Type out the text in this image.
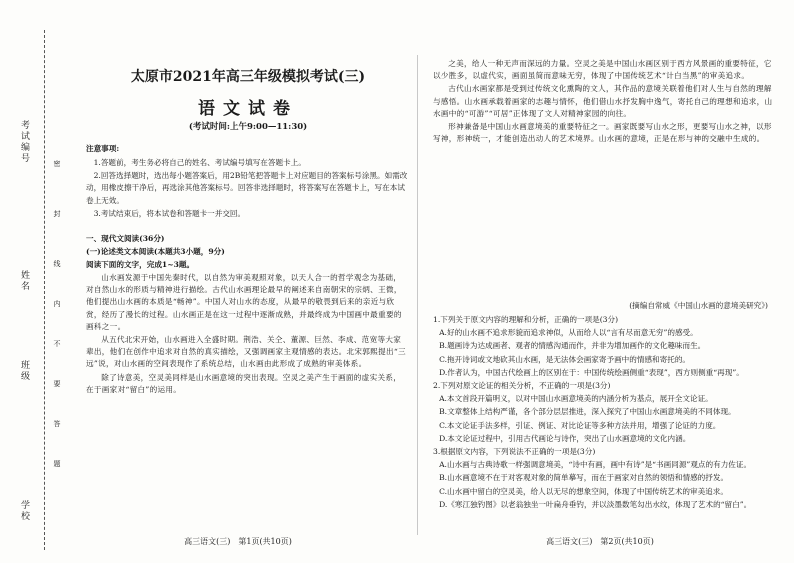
考试编号
姓名
班级
学校
密
封
线
内
不
要
答
题
太原市2021年高三年级模拟考试(三)
语文试卷
(考试时间:上午9:00—11:30)
注意事项:

1.答题前，考生务必将自己的姓名、考试编号填写在答题卡上。

2.回答选择题时，选出每小题答案后，用2B铅笔把答题卡上对应题目的答案标号涂黑。如需改动，用橡皮擦干净后，再选涂其他答案标号。回答非选择题时，将答案写在答题卡上，写在本试卷上无效。

3.考试结束后，将本试卷和答题卡一并交回。

一、现代文阅读(36分)
(一)论述类文本阅读(本题共3小题，9分)
阅读下面的文字，完成1~3题。

山水画发源于中国先秦时代，以自然为审美观照对象，以天人合一的哲学观念为基础，对自然山水的形质与精神进行描绘。古代山水画理论最早的阐述来自南朝宋的宗炳、王微，他们提出山水画的本质是“畅神”。中国人对山水的态度，从最早的敬畏到后来的亲近与欣赏，经历了漫长的过程。山水画正是在这一过程中逐渐成熟，并最终成为中国画中最重要的画科之一。

从五代北宋开始，山水画进入全盛时期。荆浩、关仝、董源、巨然、李成、范宽等大家辈出，他们在创作中追求对自然的真实描绘，又强调画家主观情感的表达。北宋郭熙提出“三远”说，对山水画的空间表现作了系统总结，山水画由此形成了成熟的审美体系。

除了诗意美，空灵美同样是山水画意境的突出表现。空灵之美产生于画面的虚实关系，在于画家对“留白”的运用。

高三语文(三)　第1页(共10页)

之美，给人一种无声而深远的力量。空灵之美是中国山水画区别于西方风景画的重要特征，它以少胜多，以虚代实，画面虽简而意味无穷，体现了中国传统艺术“计白当黑”的审美追求。

古代山水画家都是受到过传统文化熏陶的文人，其作品的意境关联着他们对人生与自然的理解与感悟。山水画承载着画家的志趣与情怀，他们借山水抒发胸中逸气，寄托自己的理想和追求，山水画中的“可游”“可居”正体现了文人对精神家园的向往。

形神兼备是中国山水画意境美的重要特征之一。画家既要写山水之形，更要写山水之神，以形写神，形神统一，才能创造出动人的艺术境界。山水画的意境，正是在形与神的交融中生成的。

(摘编自常威《中国山水画的意境美研究》)

1.下列关于原文内容的理解和分析，正确的一项是(3分)

A.好的山水画不追求形貌而追求神似，从而给人以“言有尽而意无穷”的感受。

B.题画诗为达成画者、观者的情感沟通而作，并非为增加画作的文化趣味而生。

C.拖开诗词或文地砍其山水画，是无法体会画家寄予画中的情感和寄托的。

D.作者认为，中国古代绘画上的区别在于：中国传统绘画侧重“表现”，西方则侧重“再现”。

2.下列对原文论证的相关分析，不正确的一项是(3分)

A.本文首段开篇明义，以对中国山水画意境美的内涵分析为基点，展开全文论证。

B.文章整体上结构严谨，各个部分层层推进，深入探究了中国山水画意境美的不同体现。

C.本文论证手法多样，引证、例证、对比论证等多种方法并用，增强了论证的力度。

D.本文论证过程中，引用古代画论与诗作，突出了山水画意境的文化内涵。

3.根据原文内容，下列说法不正确的一项是(3分)

A.山水画与古典诗歌一样强调意境美，“诗中有画，画中有诗”是“书画同源”观点的有力佐证。

B.山水画意境不在于对客观对象的简单摹写，而在于画家对自然的领悟和情感的抒发。

C.山水画中留白的空灵美，给人以无尽的想象空间，体现了中国传统艺术的审美追求。

D.《寒江独钓图》以老翁独坐一叶扁舟垂钓，并以淡墨数笔勾出水纹，体现了艺术的“留白”。

高三语文(三)　第2页(共10页)
